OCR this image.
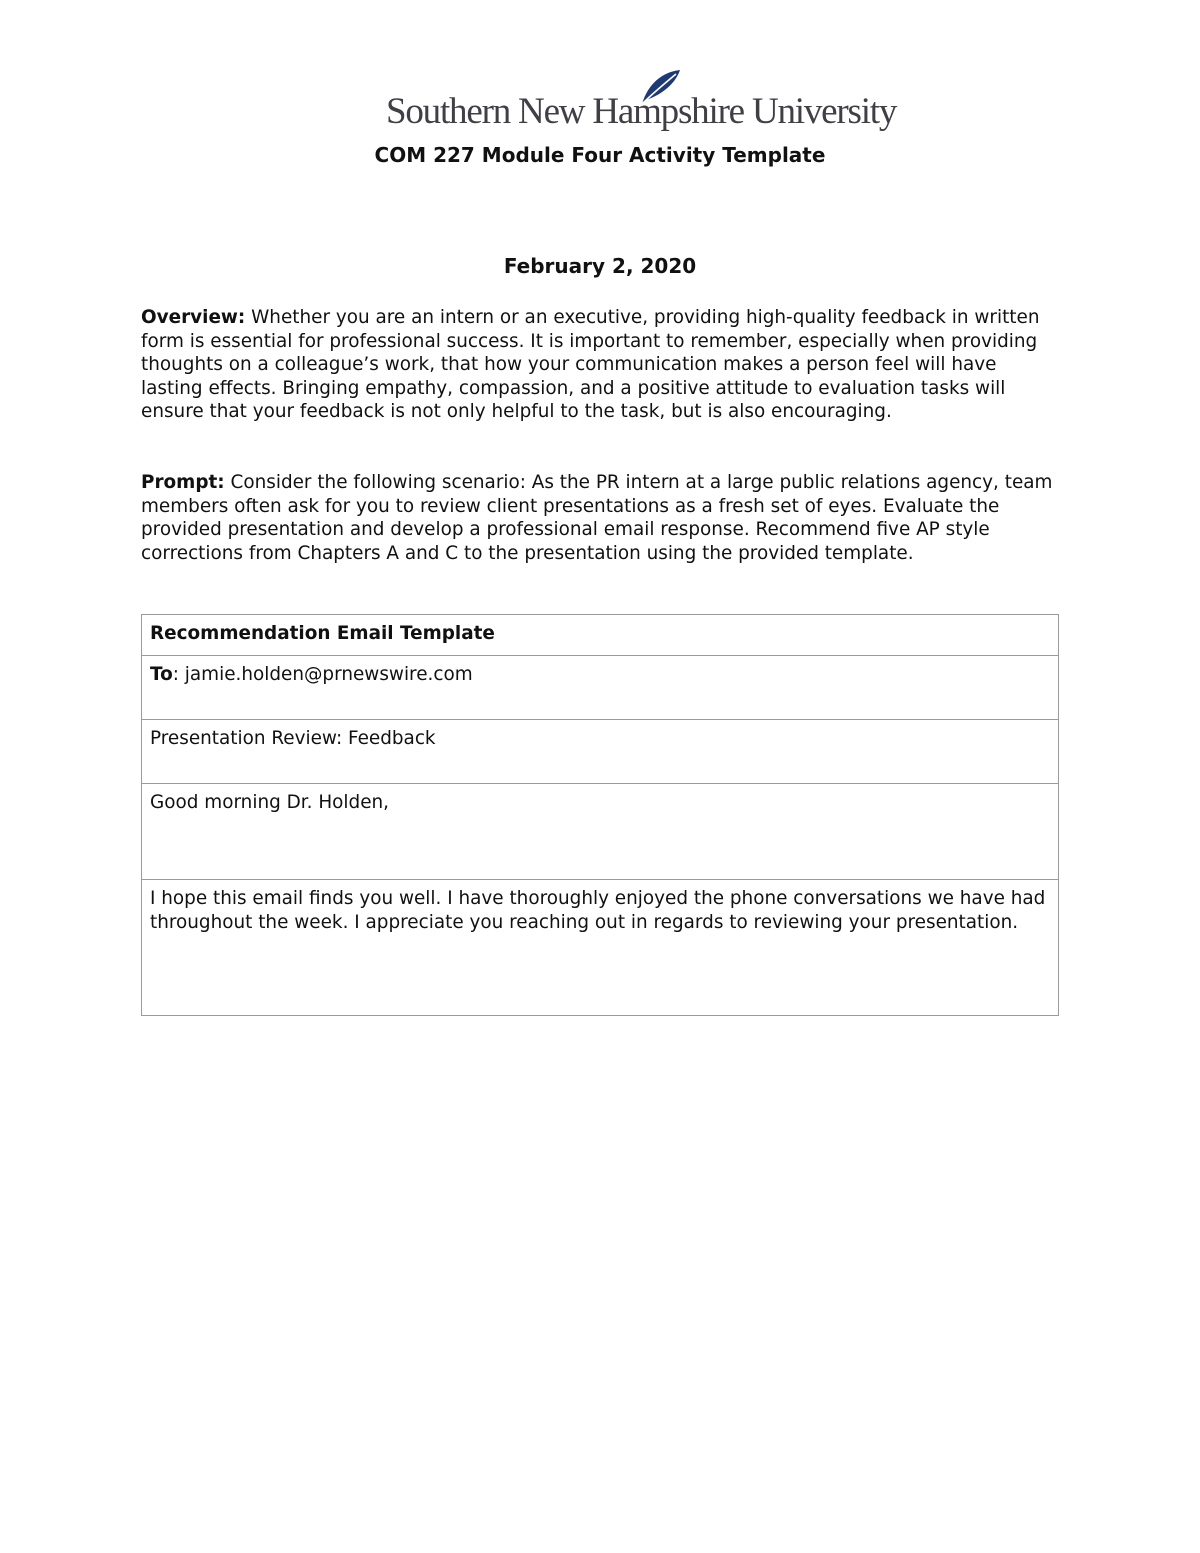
Southern New Hampshire University
COM 227 Module Four Activity Template
February 2, 2020

Overview: Whether you are an intern or an executive, providing high-quality feedback in written form is essential for professional success. It is important to remember, especially when providing thoughts on a colleague’s work, that how your communication makes a person feel will have lasting effects. Bringing empathy, compassion, and a positive attitude to evaluation tasks will ensure that your feedback is not only helpful to the task, but is also encouraging.

Prompt: Consider the following scenario: As the PR intern at a large public relations agency, team members often ask for you to review client presentations as a fresh set of eyes. Evaluate the provided presentation and develop a professional email response. Recommend five AP style corrections from Chapters A and C to the presentation using the provided template.

Recommendation Email Template
To: jamie.holden@prnewswire.com
Presentation Review: Feedback
Good morning Dr. Holden,
I hope this email finds you well. I have thoroughly enjoyed the phone conversations we have had throughout the week. I appreciate you reaching out in regards to reviewing your presentation.
